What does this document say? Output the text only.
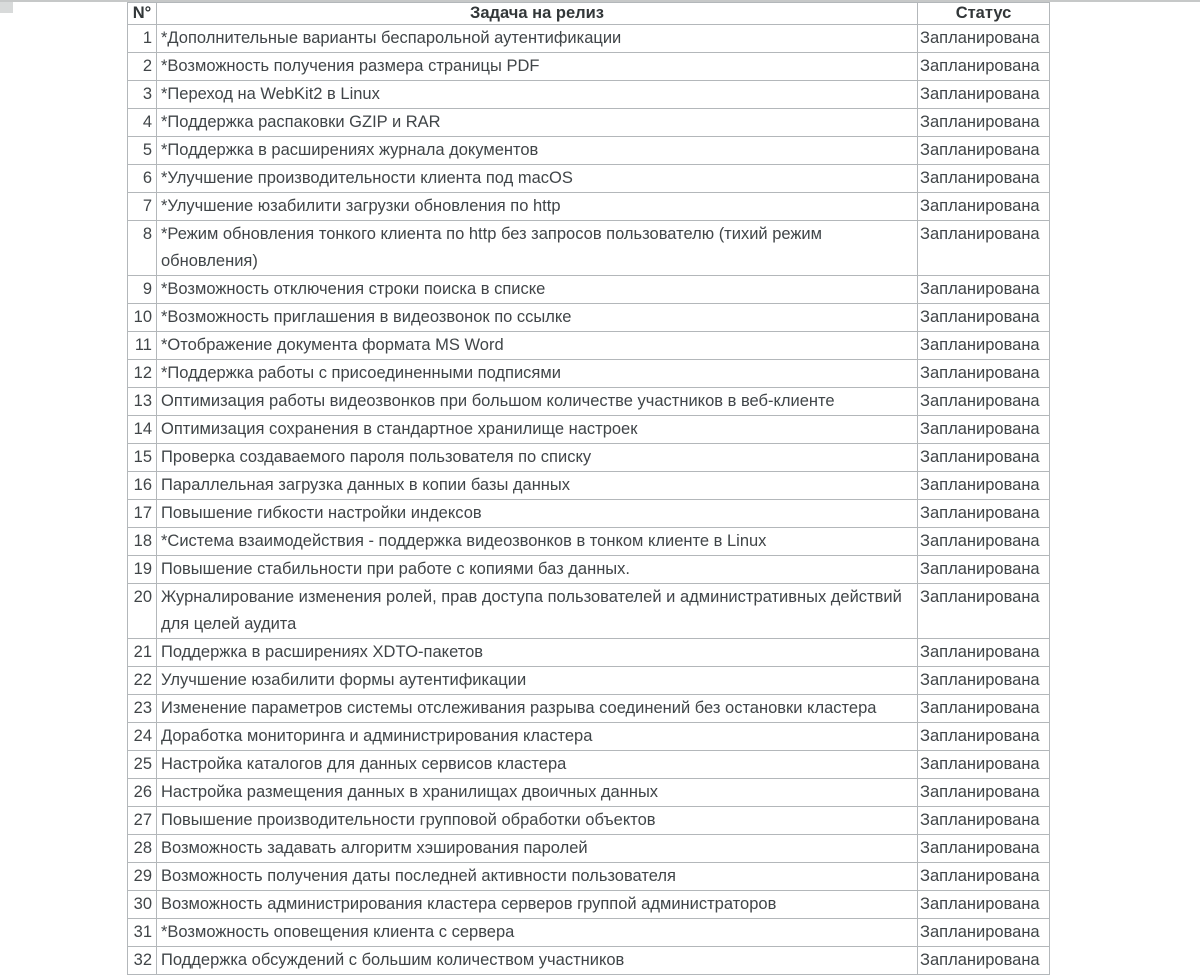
N°	Задача на релиз	Статус
1	*Дополнительные варианты беспарольной аутентификации	Запланирована
2	*Возможность получения размера страницы PDF	Запланирована
3	*Переход на WebKit2 в Linux	Запланирована
4	*Поддержка распаковки GZIP и RAR	Запланирована
5	*Поддержка в расширениях журнала документов	Запланирована
6	*Улучшение производительности клиента под macOS	Запланирована
7	*Улучшение юзабилити загрузки обновления по http	Запланирована
8	*Режим обновления тонкого клиента по http без запросов пользователю (тихий режим обновления)	Запланирована
9	*Возможность отключения строки поиска в списке	Запланирована
10	*Возможность приглашения в видеозвонок по ссылке	Запланирована
11	*Отображение документа формата MS Word	Запланирована
12	*Поддержка работы с присоединенными подписями	Запланирована
13	Оптимизация работы видеозвонков при большом количестве участников в веб-клиенте	Запланирована
14	Оптимизация сохранения в стандартное хранилище настроек	Запланирована
15	Проверка создаваемого пароля пользователя по списку	Запланирована
16	Параллельная загрузка данных в копии базы данных	Запланирована
17	Повышение гибкости настройки индексов	Запланирована
18	*Система взаимодействия - поддержка видеозвонков в тонком клиенте в Linux	Запланирована
19	Повышение стабильности при работе с копиями баз данных.	Запланирована
20	Журналирование изменения ролей, прав доступа пользователей и административных действий для целей аудита	Запланирована
21	Поддержка в расширениях XDTO-пакетов	Запланирована
22	Улучшение юзабилити формы аутентификации	Запланирована
23	Изменение параметров системы отслеживания разрыва соединений без остановки кластера	Запланирована
24	Доработка мониторинга и администрирования кластера	Запланирована
25	Настройка каталогов для данных сервисов кластера	Запланирована
26	Настройка размещения данных в хранилищах двоичных данных	Запланирована
27	Повышение производительности групповой обработки объектов	Запланирована
28	Возможность задавать алгоритм хэширования паролей	Запланирована
29	Возможность получения даты последней активности пользователя	Запланирована
30	Возможность администрирования кластера серверов группой администраторов	Запланирована
31	*Возможность оповещения клиента с сервера	Запланирована
32	Поддержка обсуждений с большим количеством участников	Запланирована
